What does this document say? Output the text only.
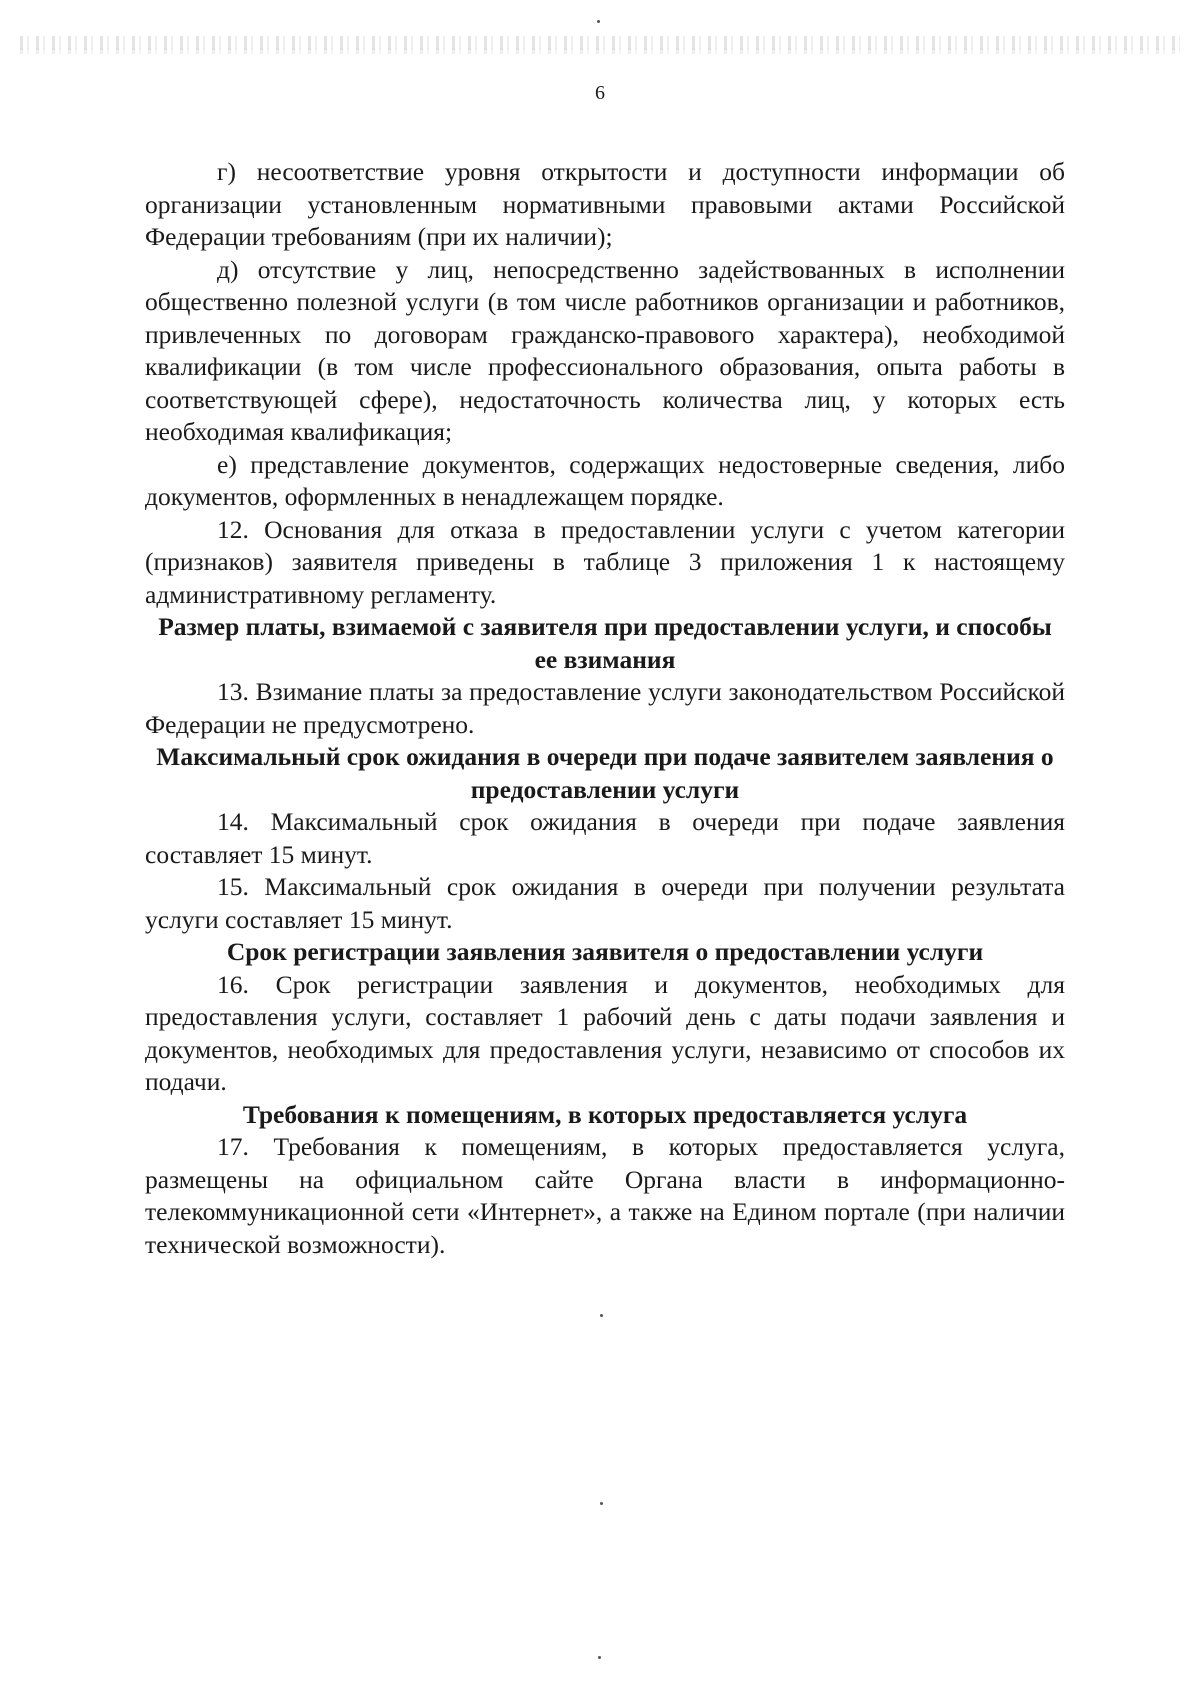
6

г) несоответствие уровня открытости и доступности информации об организации установленным нормативными правовыми актами Российской Федерации требованиям (при их наличии);

д) отсутствие у лиц, непосредственно задействованных в исполнении общественно полезной услуги (в том числе работников организации и работников, привлеченных по договорам гражданско-правового характера), необходимой квалификации (в том числе профессионального образования, опыта работы в соответствующей сфере), недостаточность количества лиц, у которых есть необходимая квалификация;

е) представление документов, содержащих недостоверные сведения, либо документов, оформленных в ненадлежащем порядке.

12. Основания для отказа в предоставлении услуги с учетом категории (признаков) заявителя приведены в таблице 3 приложения 1 к настоящему административному регламенту.

Размер платы, взимаемой с заявителя при предоставлении услуги, и способы ее взимания

13. Взимание платы за предоставление услуги законодательством Российской Федерации не предусмотрено.

Максимальный срок ожидания в очереди при подаче заявителем заявления о предоставлении услуги

14. Максимальный срок ожидания в очереди при подаче заявления составляет 15 минут.

15. Максимальный срок ожидания в очереди при получении результата услуги составляет 15 минут.

Срок регистрации заявления заявителя о предоставлении услуги

16. Срок регистрации заявления и документов, необходимых для предоставления услуги, составляет 1 рабочий день с даты подачи заявления и документов, необходимых для предоставления услуги, независимо от способов их подачи.

Требования к помещениям, в которых предоставляется услуга

17. Требования к помещениям, в которых предоставляется услуга, размещены на официальном сайте Органа власти в информационно-телекоммуникационной сети «Интернет», а также на Едином портале (при наличии технической возможности).
